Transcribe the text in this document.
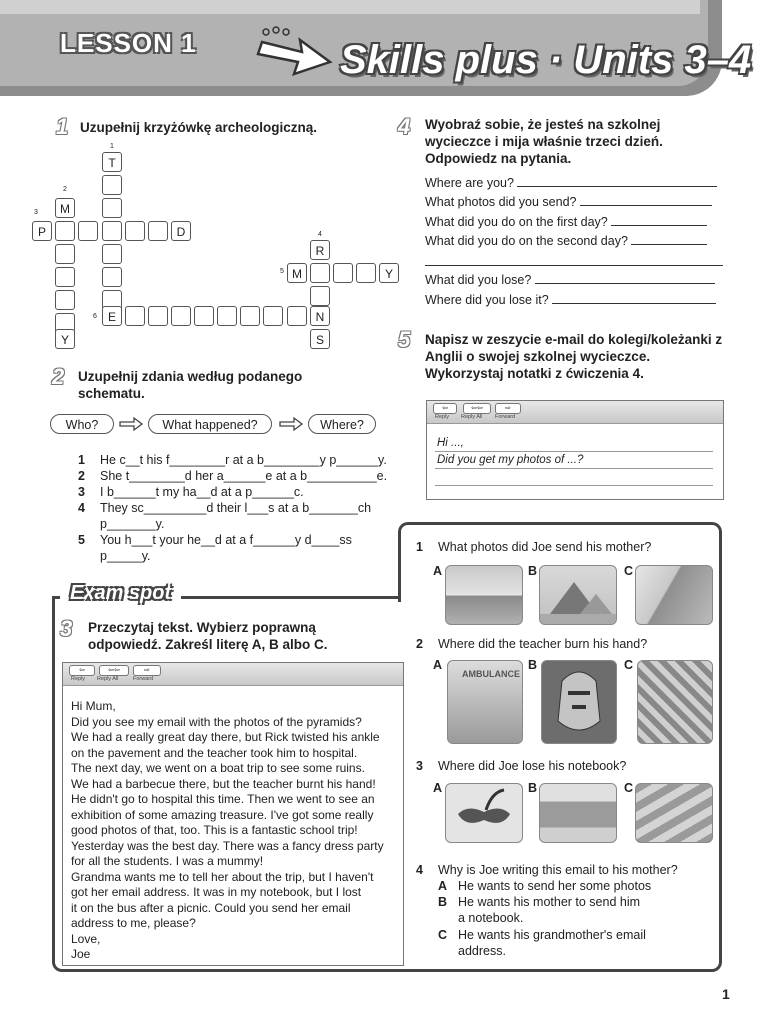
LESSON 1	Skills plus · Units 3–4
1 Uzupełnij krzyżówkę archeologiczną.
1
2
3
4
5
6
T
M
Y
P	D
R
N
S
M	Y
E
2 Uzupełnij zdania według podanego schematu.
Who?	What happened?	Where?
1 He c__t his f________r at a b________y p______y.
2 She t________d her a______e at a b__________e.
3 I b______t my ha__d at a p______c.
4 They sc_________d their l___s at a b_______ch
p_______y.
5 You h___t your he__d at a f______y d____ss
p_____y.
4 Wyobraź sobie, że jesteś na szkolnej wycieczce i mija właśnie trzeci dzień. Odpowiedz na pytania.
Where are you?
What photos did you send?
What did you do on the first day?
What did you do on the second day?
What did you lose?
Where did you lose it?
5 Napisz w zeszycie e-mail do kolegi/koleżanki z Anglii o swojej szkolnej wycieczce. Wykorzystaj notatki z ćwiczenia 4.
⇦	⇦⇦	⇨
Reply Reply All Forward
Hi ...,
Did you get my photos of ...?
Exam spot
3 Przeczytaj tekst. Wybierz poprawną odpowiedź. Zakreśl literę A, B albo C.
⇦	⇦⇦	⇨
Reply Reply All	Forward
Hi Mum,
Did you see my email with the photos of the pyramids?
We had a really great day there, but Rick twisted his ankle
on the pavement and the teacher took him to hospital.
The next day, we went on a boat trip to see some ruins.
We had a barbecue there, but the teacher burnt his hand!
He didn't go to hospital this time. Then we went to see an
exhibition of some amazing treasure. I've got some really
good photos of that, too. This is a fantastic school trip!
Yesterday was the best day. There was a fancy dress party
for all the students. I was a mummy!
Grandma wants me to tell her about the trip, but I haven't
got her email address. It was in my notebook, but I lost
it on the bus after a picnic. Could you send her email
address to me, please?
Love,
Joe
1 What photos did Joe send his mother?
A	B	C
2 Where did the teacher burn his hand?
A	B	C
AMBULANCE
3 Where did Joe lose his notebook?
A	B	C
4 Why is Joe writing this email to his mother?
A He wants to send her some photos
B He wants his mother to send him
a notebook.
C He wants his grandmother's email
address.
1
